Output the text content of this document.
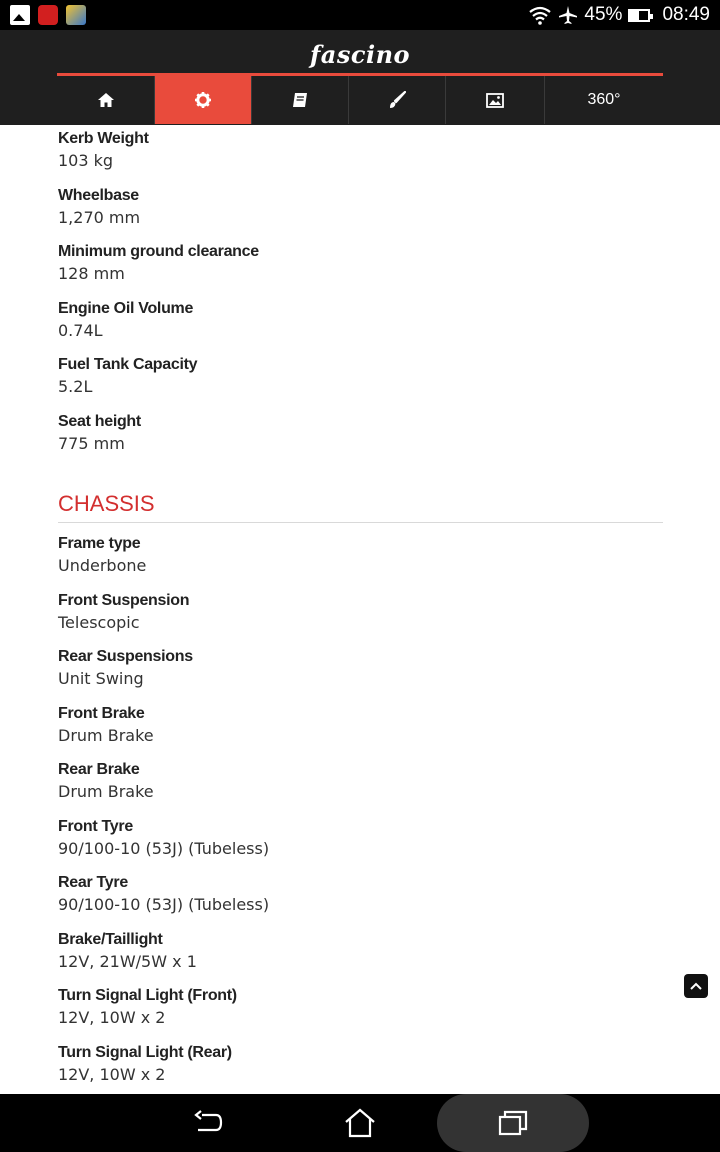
45% 08:49
fascino
360°
Kerb Weight
103 kg
Wheelbase
1,270 mm
Minimum ground clearance
128 mm
Engine Oil Volume
0.74L
Fuel Tank Capacity
5.2L
Seat height
775 mm
CHASSIS
Frame type
Underbone
Front Suspension
Telescopic
Rear Suspensions
Unit Swing
Front Brake
Drum Brake
Rear Brake
Drum Brake
Front Tyre
90/100-10 (53J) (Tubeless)
Rear Tyre
90/100-10 (53J) (Tubeless)
Brake/Taillight
12V, 21W/5W x 1
Turn Signal Light (Front)
12V, 10W x 2
Turn Signal Light (Rear)
12V, 10W x 2
